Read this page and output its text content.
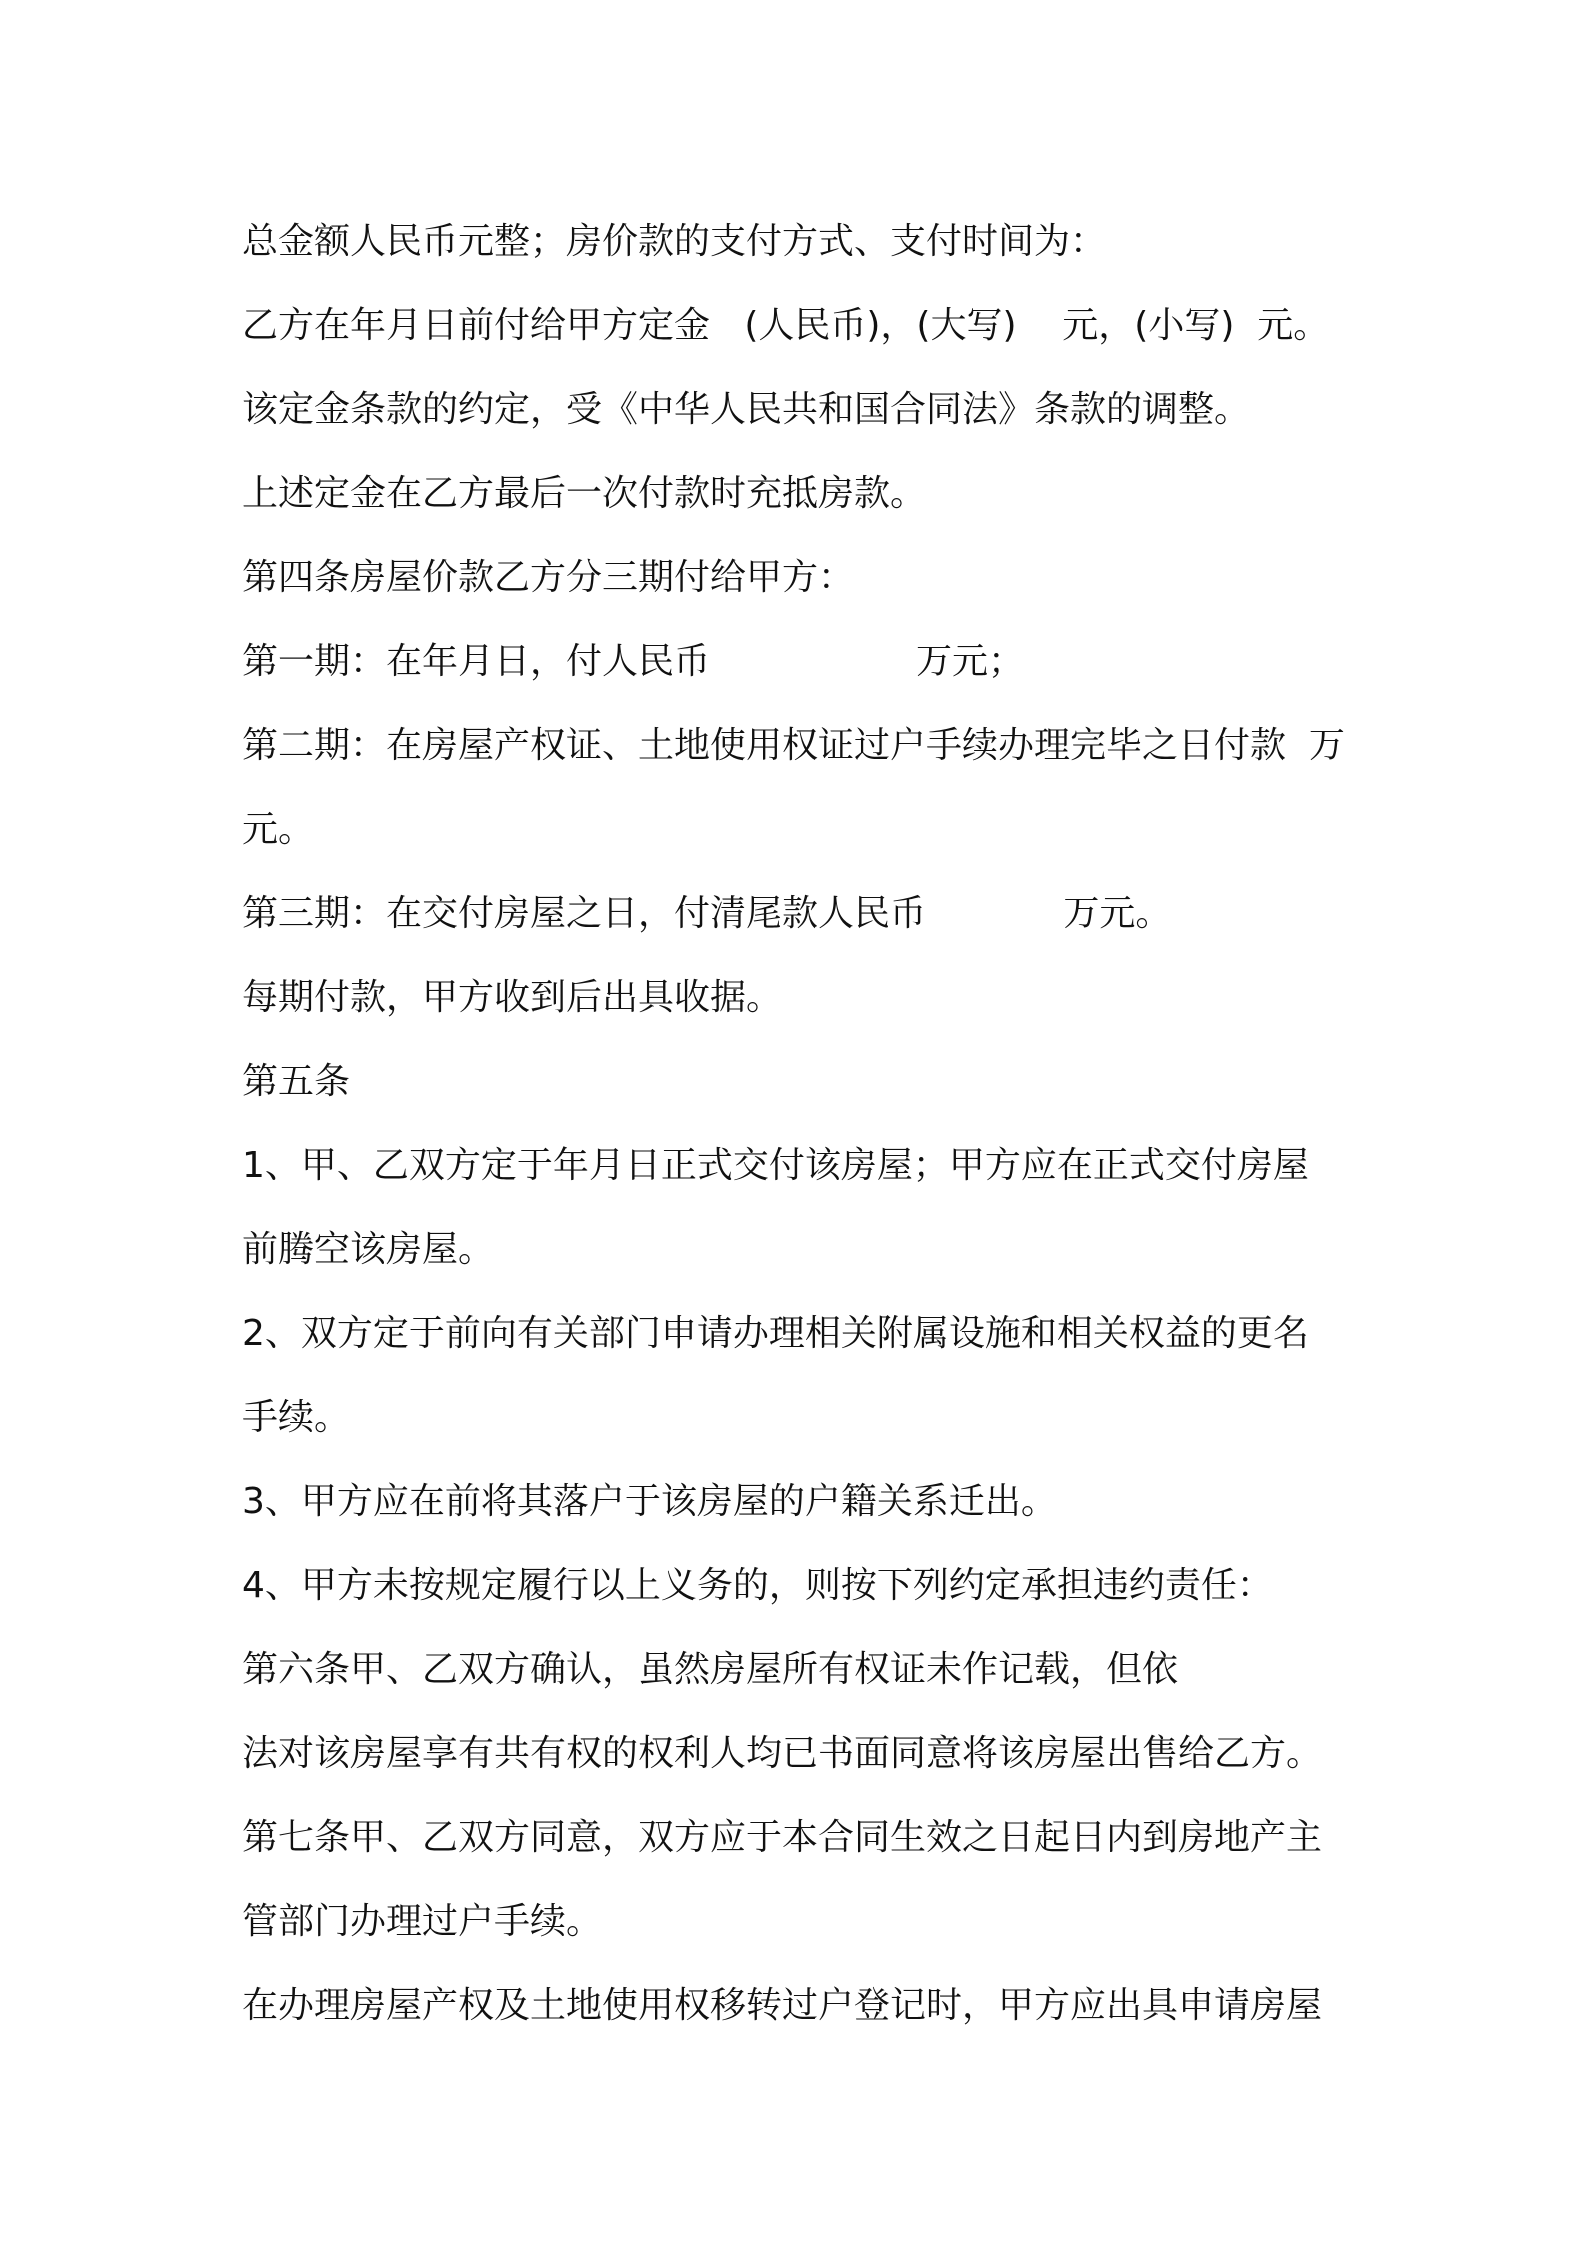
总金额人民币元整；房价款的支付方式、支付时间为：

乙方在年月日前付给甲方定金   (人民币)，(大写)    元，(小写)  元。

该定金条款的约定，受《中华人民共和国合同法》条款的调整。

上述定金在乙方最后一次付款时充抵房款。

第四条房屋价款乙方分三期付给甲方：

第一期：在年月日，付人民币                  万元；

第二期：在房屋产权证、土地使用权证过户手续办理完毕之日付款  万

元。

第三期：在交付房屋之日，付清尾款人民币            万元。

每期付款，甲方收到后出具收据。

第五条

1、甲、乙双方定于年月日正式交付该房屋；甲方应在正式交付房屋

前腾空该房屋。

2、双方定于前向有关部门申请办理相关附属设施和相关权益的更名

手续。

3、甲方应在前将其落户于该房屋的户籍关系迁出。

4、甲方未按规定履行以上义务的，则按下列约定承担违约责任：

第六条甲、乙双方确认，虽然房屋所有权证未作记载，但依

法对该房屋享有共有权的权利人均已书面同意将该房屋出售给乙方。

第七条甲、乙双方同意，双方应于本合同生效之日起日内到房地产主

管部门办理过户手续。

在办理房屋产权及土地使用权移转过户登记时，甲方应出具申请房屋
